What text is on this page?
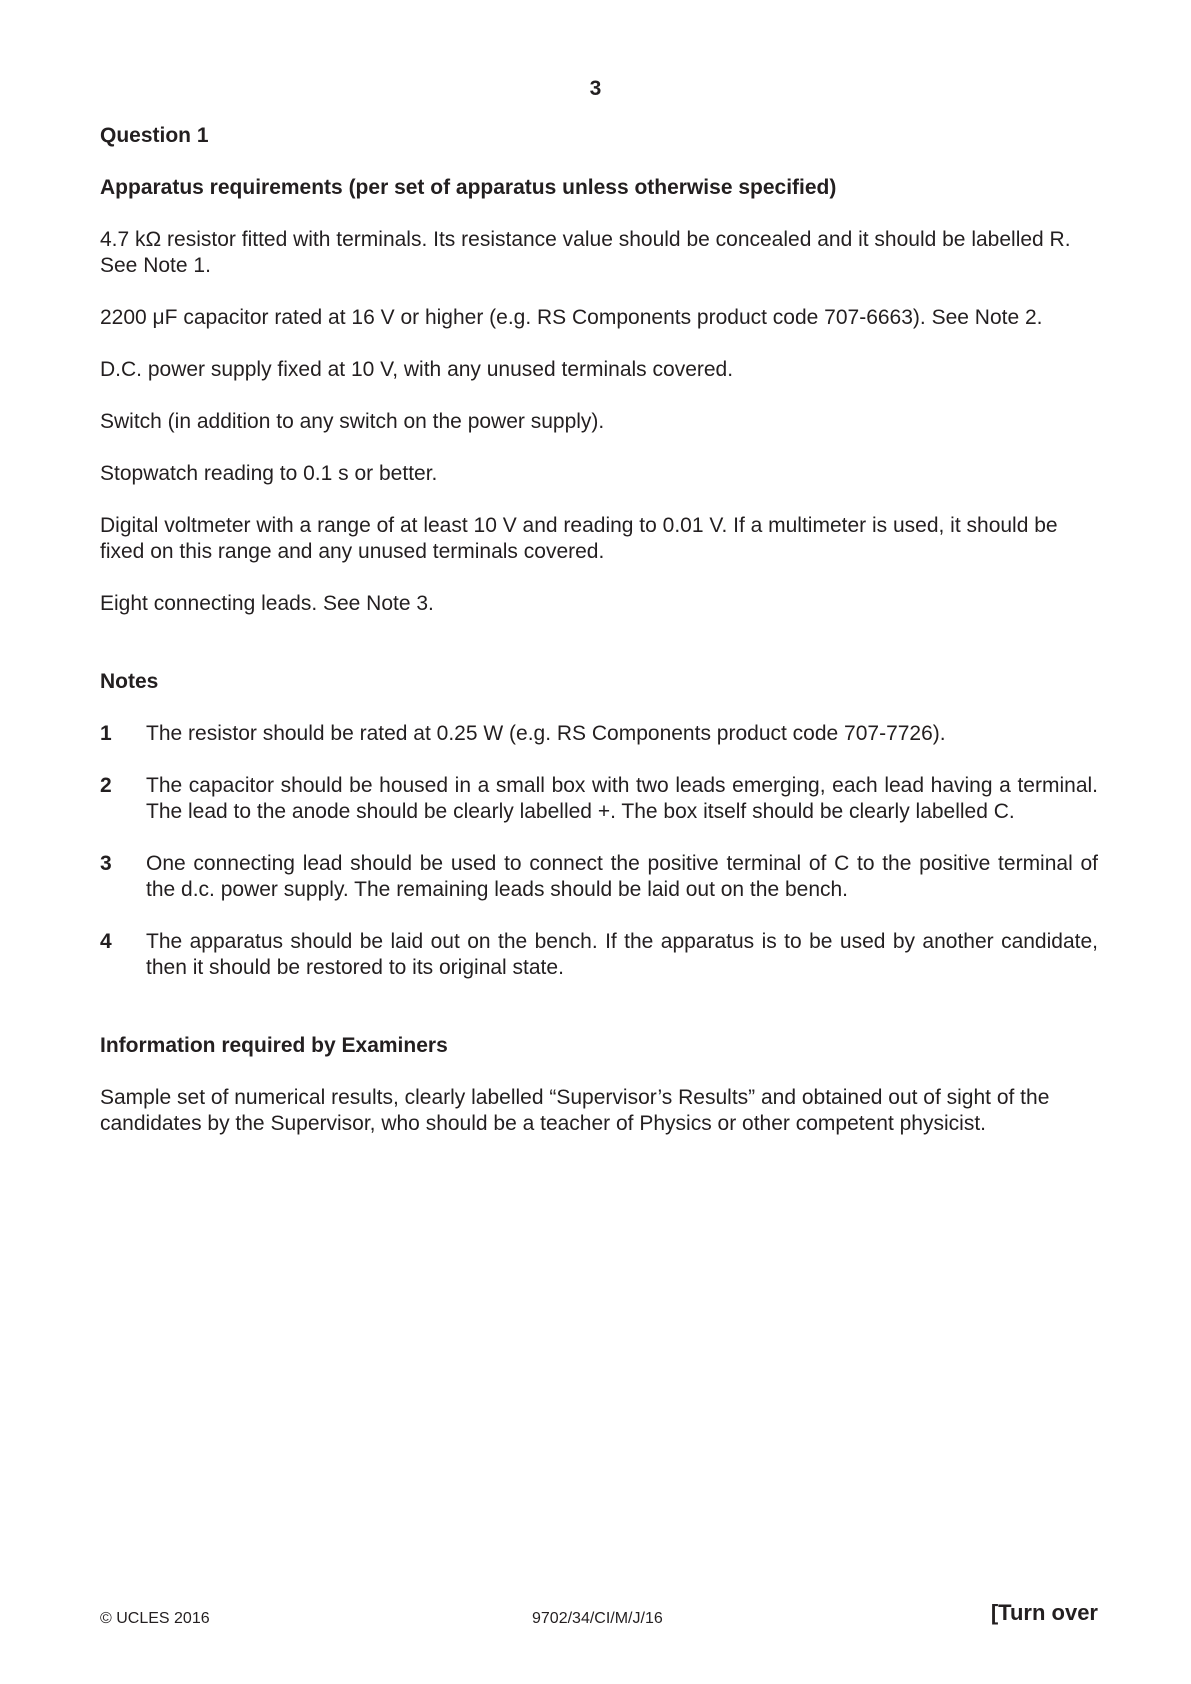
3
Question 1
Apparatus requirements (per set of apparatus unless otherwise specified)
4.7 kΩ resistor fitted with terminals. Its resistance value should be concealed and it should be labelled R. See Note 1.
2200 μF capacitor rated at 16 V or higher (e.g. RS Components product code 707-6663). See Note 2.
D.C. power supply fixed at 10 V, with any unused terminals covered.
Switch (in addition to any switch on the power supply).
Stopwatch reading to 0.1 s or better.
Digital voltmeter with a range of at least 10 V and reading to 0.01 V. If a multimeter is used, it should be fixed on this range and any unused terminals covered.
Eight connecting leads. See Note 3.
Notes
1	The resistor should be rated at 0.25 W (e.g. RS Components product code 707-7726).
2	The capacitor should be housed in a small box with two leads emerging, each lead having a terminal. The lead to the anode should be clearly labelled +. The box itself should be clearly labelled C.
3	One connecting lead should be used to connect the positive terminal of C to the positive terminal of the d.c. power supply. The remaining leads should be laid out on the bench.
4	The apparatus should be laid out on the bench. If the apparatus is to be used by another candidate, then it should be restored to its original state.
Information required by Examiners
Sample set of numerical results, clearly labelled “Supervisor’s Results” and obtained out of sight of the candidates by the Supervisor, who should be a teacher of Physics or other competent physicist.
© UCLES 2016	9702/34/CI/M/J/16	[Turn over
